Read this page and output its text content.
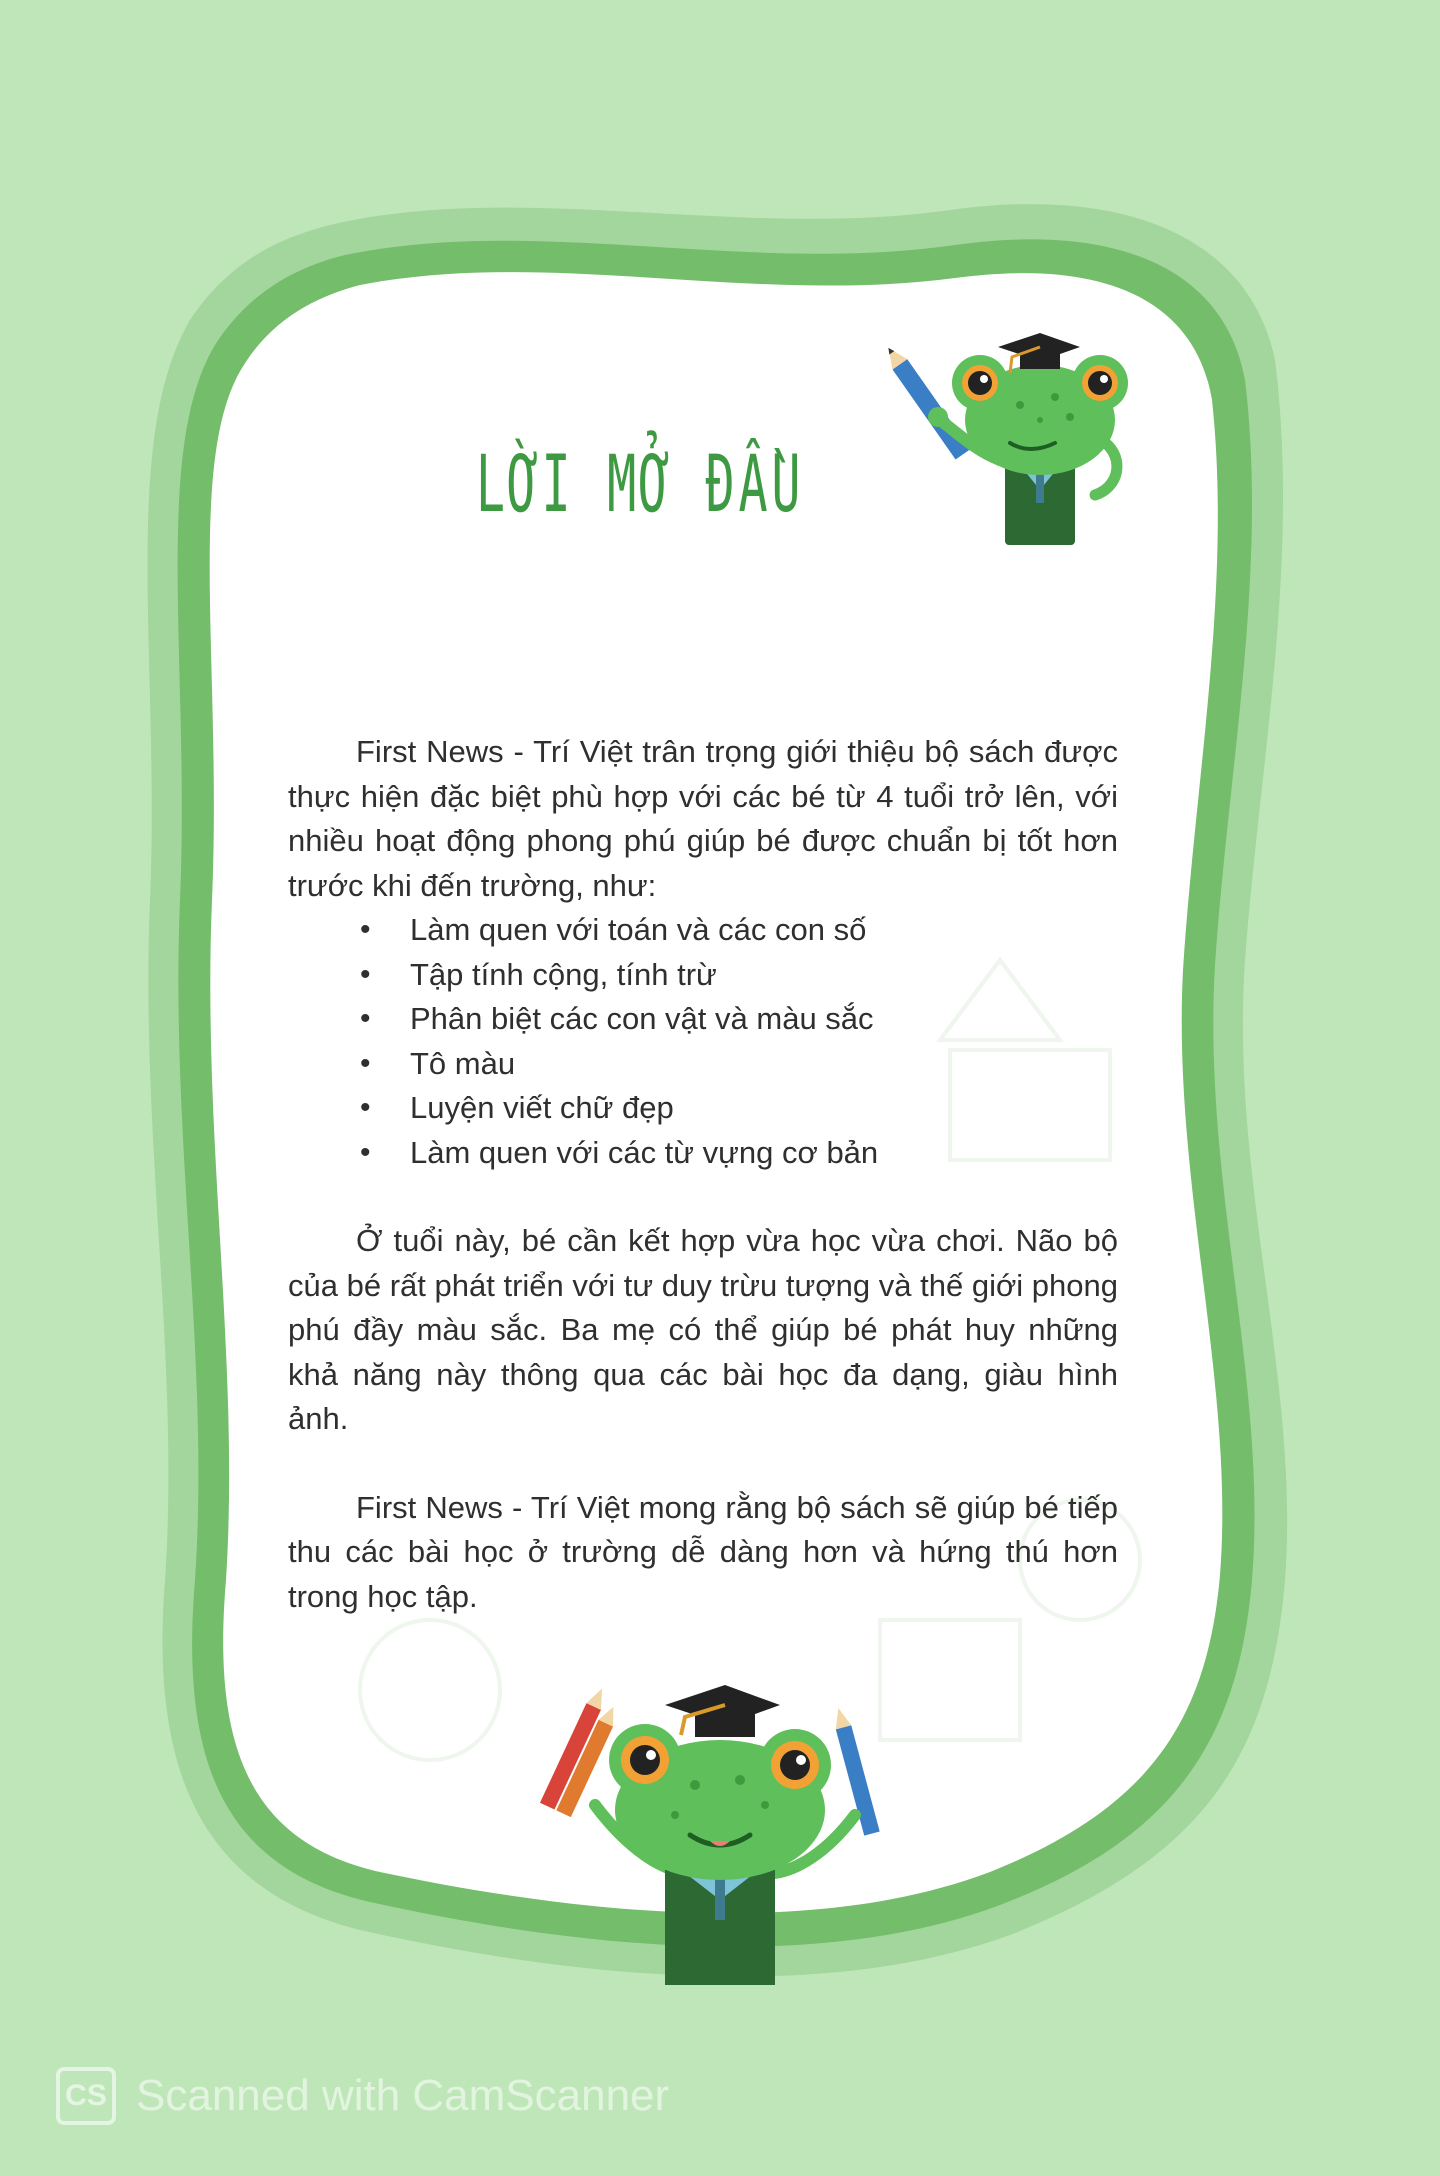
LỜI MỞ ĐẦU

First News - Trí Việt trân trọng giới thiệu bộ sách được thực hiện đặc biệt phù hợp với các bé từ 4 tuổi trở lên, với nhiều hoạt động phong phú giúp bé được chuẩn bị tốt hơn trước khi đến trường, như:

• Làm quen với toán và các con số
• Tập tính cộng, tính trừ
• Phân biệt các con vật và màu sắc
• Tô màu
• Luyện viết chữ đẹp
• Làm quen với các từ vựng cơ bản

Ở tuổi này, bé cần kết hợp vừa học vừa chơi. Não bộ của bé rất phát triển với tư duy trừu tượng và thế giới phong phú đầy màu sắc. Ba mẹ có thể giúp bé phát huy những khả năng này thông qua các bài học đa dạng, giàu hình ảnh.

First News - Trí Việt mong rằng bộ sách sẽ giúp bé tiếp thu các bài học ở trường dễ dàng hơn và hứng thú hơn trong học tập.

CS Scanned with CamScanner
